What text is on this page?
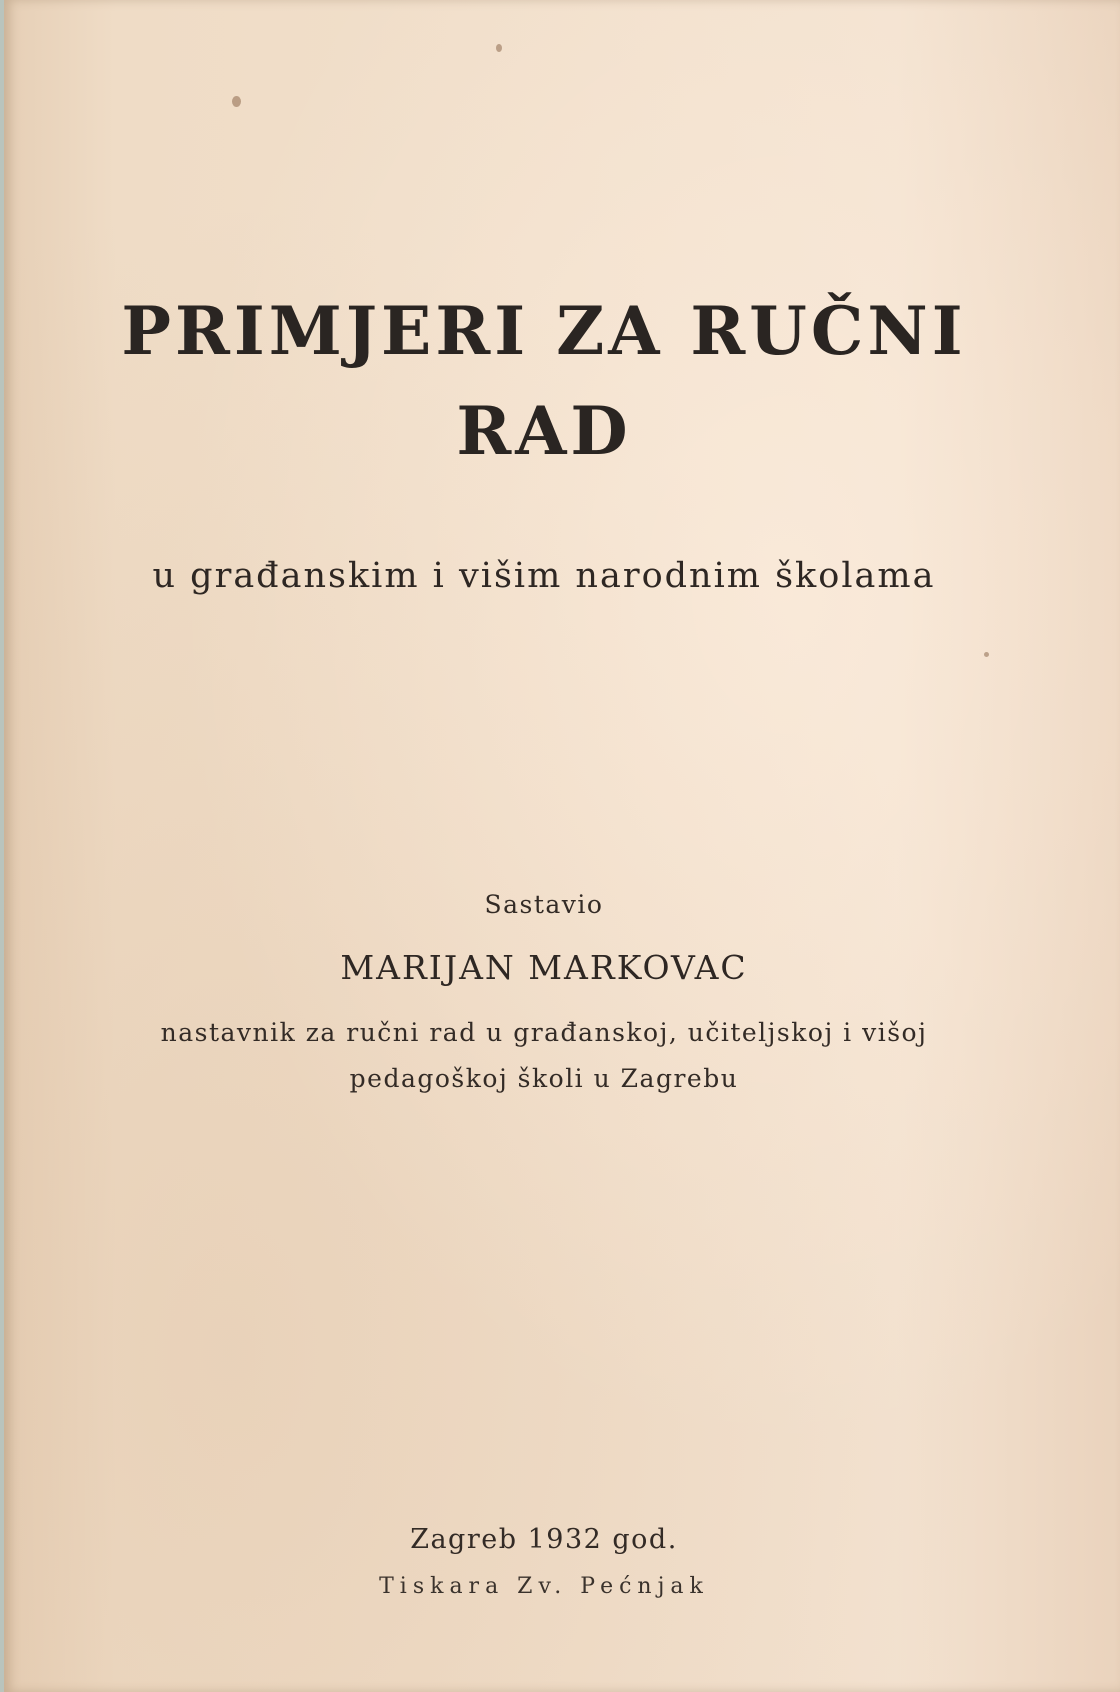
PRIMJERI ZA RUČNI
RAD
u građanskim i višim narodnim školama
Sastavio
MARIJAN MARKOVAC
nastavnik za ručni rad u građanskoj, učiteljskoj i višoj
pedagoškoj školi u Zagrebu
Zagreb 1932 god.
Tiskara Zv. Pećnjak
